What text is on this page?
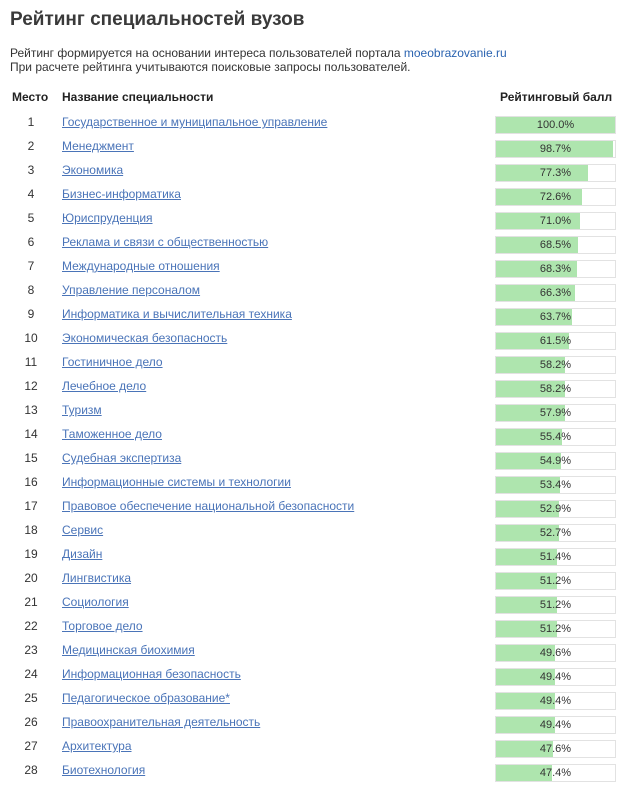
Рейтинг специальностей вузов
Рейтинг формируется на основании интереса пользователей портала moeobrazovanie.ru
При расчете рейтинга учитываются поисковые запросы пользователей.
Место Название специальности	Рейтинговый балл
1	Государственное и муниципальное управление	100.0%
2	Менеджмент	98.7%
3	Экономика	77.3%
4	Бизнес-информатика	72.6%
5	Юриспруденция	71.0%
6	Реклама и связи с общественностью	68.5%
7	Международные отношения	68.3%
8	Управление персоналом	66.3%
9	Информатика и вычислительная техника	63.7%
10	Экономическая безопасность	61.5%
11	Гостиничное дело	58.2%
12	Лечебное дело	58.2%
13	Туризм	57.9%
14	Таможенное дело	55.4%
15	Судебная экспертиза	54.9%
16	Информационные системы и технологии	53.4%
17	Правовое обеспечение национальной безопасности	52.9%
18	Сервис	52.7%
19	Дизайн	51.4%
20	Лингвистика	51.2%
21	Социология	51.2%
22	Торговое дело	51.2%
23	Медицинская биохимия	49.6%
24	Информационная безопасность	49.4%
25	Педагогическое образование*	49.4%
26	Правоохранительная деятельность	49.4%
27	Архитектура	47.6%
28	Биотехнология	47.4%
